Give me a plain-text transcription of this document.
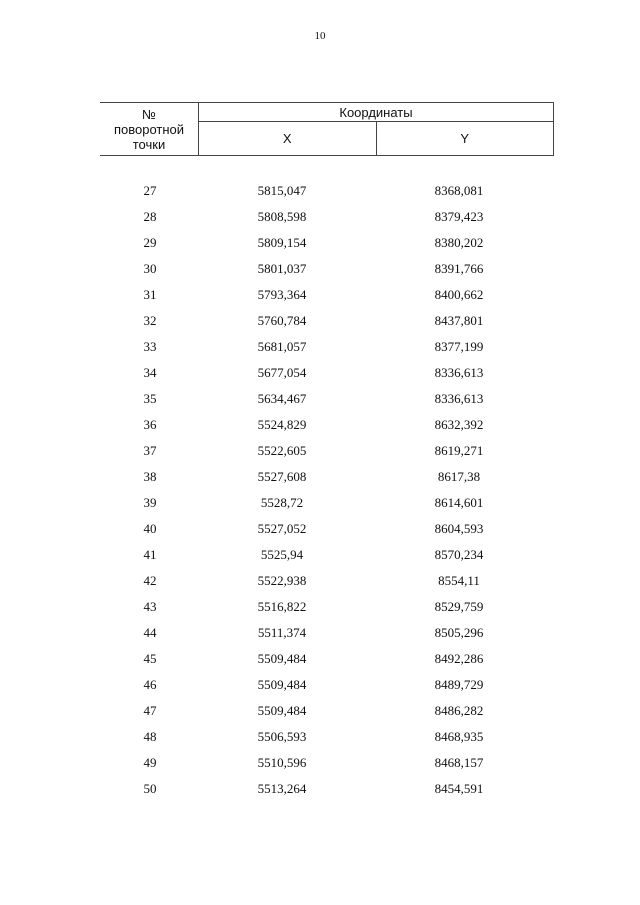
10
№
поворотной
точки	Координаты	
	X	Y
27	5815,047	8368,081
28	5808,598	8379,423
29	5809,154	8380,202
30	5801,037	8391,766
31	5793,364	8400,662
32	5760,784	8437,801
33	5681,057	8377,199
34	5677,054	8336,613
35	5634,467	8336,613
36	5524,829	8632,392
37	5522,605	8619,271
38	5527,608	8617,38
39	5528,72	8614,601
40	5527,052	8604,593
41	5525,94	8570,234
42	5522,938	8554,11
43	5516,822	8529,759
44	5511,374	8505,296
45	5509,484	8492,286
46	5509,484	8489,729
47	5509,484	8486,282
48	5506,593	8468,935
49	5510,596	8468,157
50	5513,264	8454,591
